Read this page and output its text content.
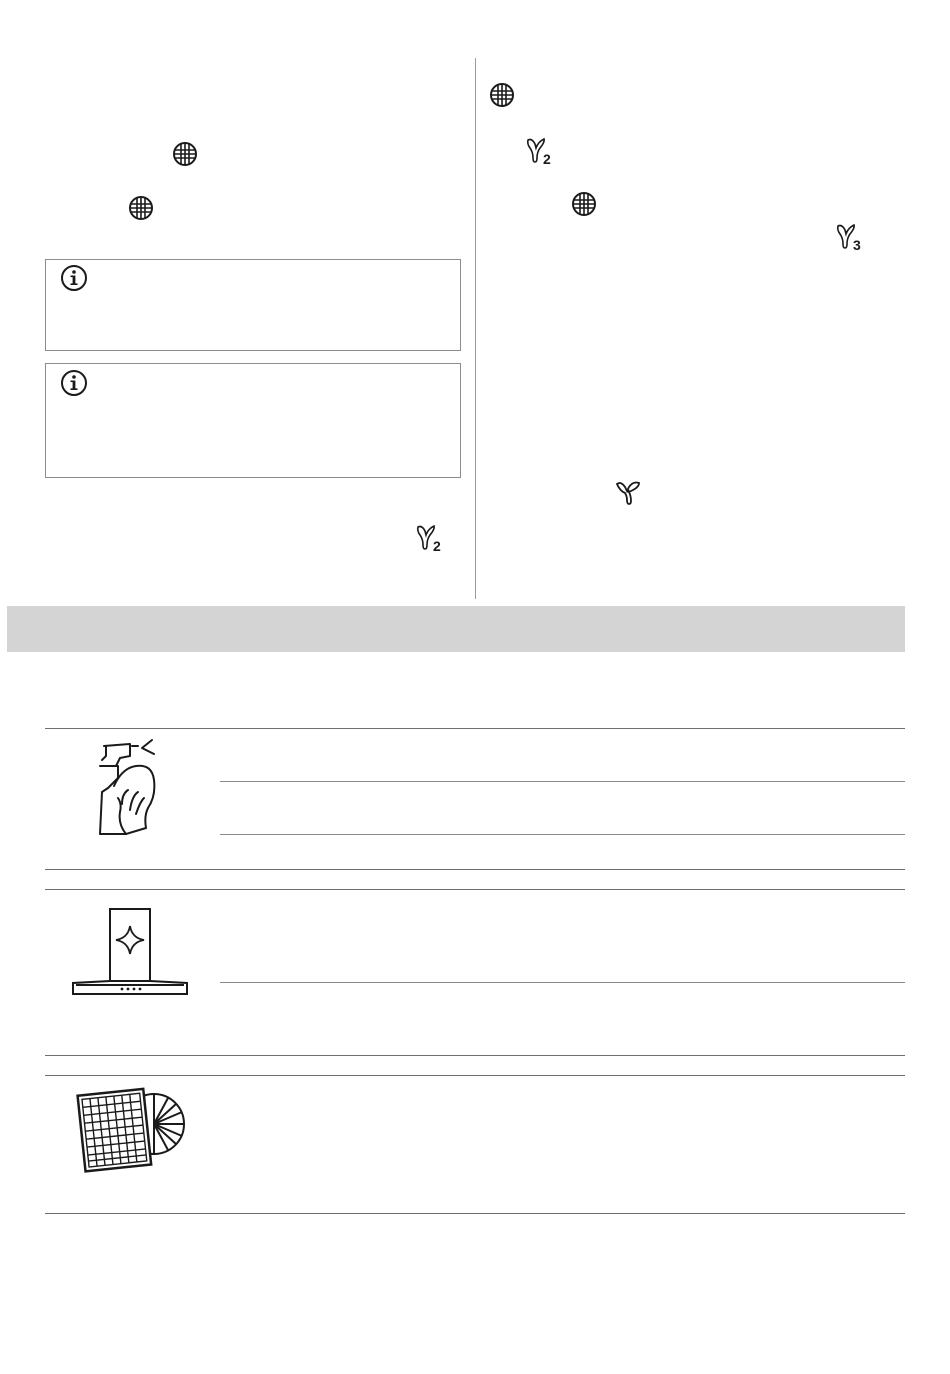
2
2
3
